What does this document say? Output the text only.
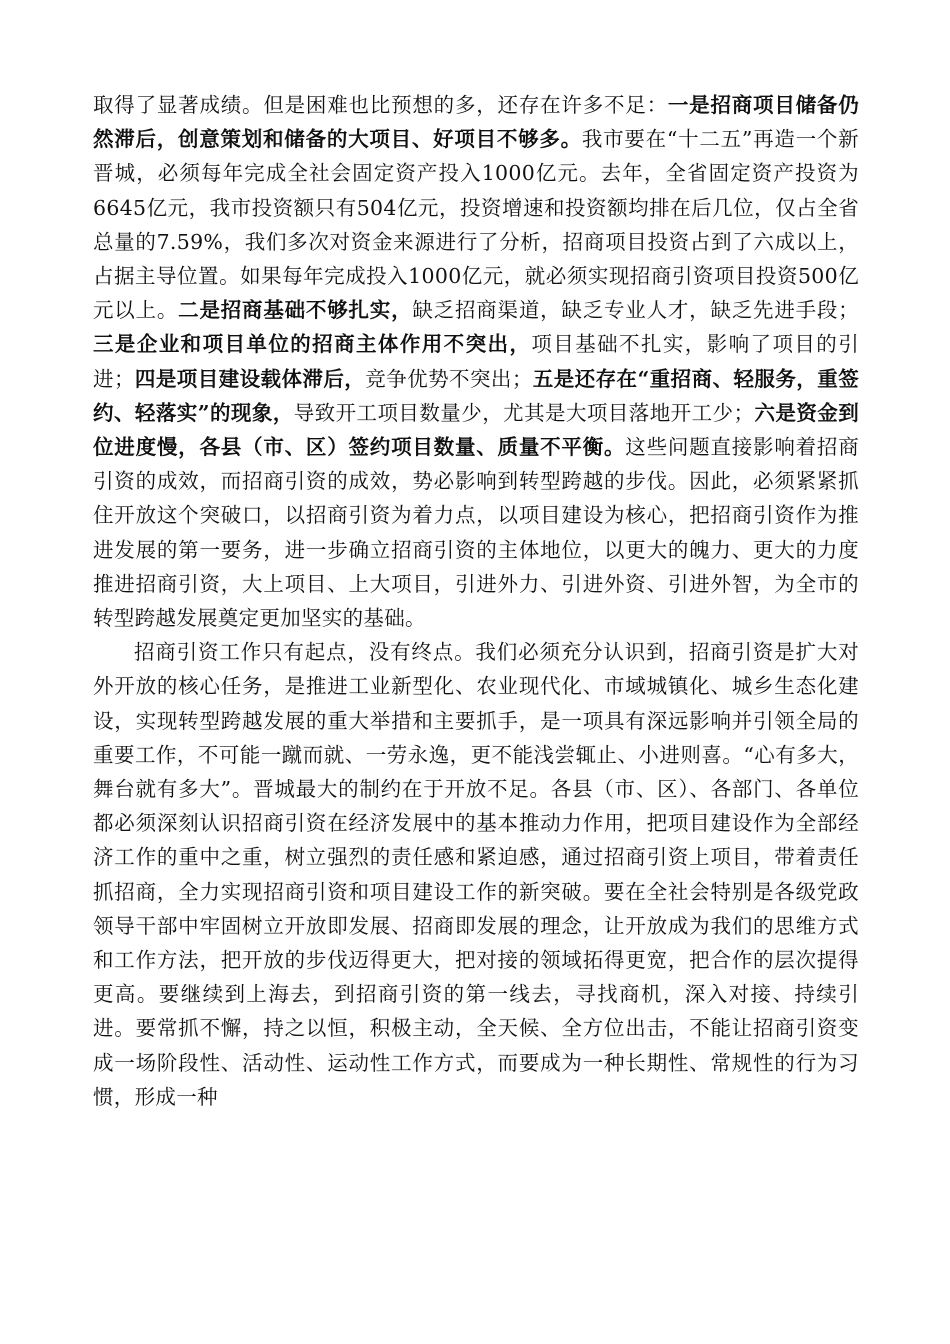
取得了显著成绩。但是困难也比预想的多，还存在许多不足：一是招商项目储备仍然滞后，创意策划和储备的大项目、好项目不够多。我市要在“十二五”再造一个新晋城，必须每年完成全社会固定资产投入1000亿元。去年，全省固定资产投资为6645亿元，我市投资额只有504亿元，投资增速和投资额均排在后几位，仅占全省总量的7.59%，我们多次对资金来源进行了分析，招商项目投资占到了六成以上，占据主导位置。如果每年完成投入1000亿元，就必须实现招商引资项目投资500亿元以上。二是招商基础不够扎实，缺乏招商渠道，缺乏专业人才，缺乏先进手段；三是企业和项目单位的招商主体作用不突出，项目基础不扎实，影响了项目的引进；四是项目建设载体滞后，竞争优势不突出；五是还存在“重招商、轻服务，重签约、轻落实”的现象，导致开工项目数量少，尤其是大项目落地开工少；六是资金到位进度慢，各县（市、区）签约项目数量、质量不平衡。这些问题直接影响着招商引资的成效，而招商引资的成效，势必影响到转型跨越的步伐。因此，必须紧紧抓住开放这个突破口，以招商引资为着力点，以项目建设为核心，把招商引资作为推进发展的第一要务，进一步确立招商引资的主体地位，以更大的魄力、更大的力度推进招商引资，大上项目、上大项目，引进外力、引进外资、引进外智，为全市的转型跨越发展奠定更加坚实的基础。

招商引资工作只有起点，没有终点。我们必须充分认识到，招商引资是扩大对外开放的核心任务，是推进工业新型化、农业现代化、市域城镇化、城乡生态化建设，实现转型跨越发展的重大举措和主要抓手，是一项具有深远影响并引领全局的重要工作，不可能一蹴而就、一劳永逸，更不能浅尝辄止、小进则喜。“心有多大，舞台就有多大”。晋城最大的制约在于开放不足。各县（市、区）、各部门、各单位都必须深刻认识招商引资在经济发展中的基本推动力作用，把项目建设作为全部经济工作的重中之重，树立强烈的责任感和紧迫感，通过招商引资上项目，带着责任抓招商，全力实现招商引资和项目建设工作的新突破。要在全社会特别是各级党政领导干部中牢固树立开放即发展、招商即发展的理念，让开放成为我们的思维方式和工作方法，把开放的步伐迈得更大，把对接的领域拓得更宽，把合作的层次提得更高。要继续到上海去，到招商引资的第一线去，寻找商机，深入对接、持续引进。要常抓不懈，持之以恒，积极主动，全天候、全方位出击，不能让招商引资变成一场阶段性、活动性、运动性工作方式，而要成为一种长期性、常规性的行为习惯，形成一种
